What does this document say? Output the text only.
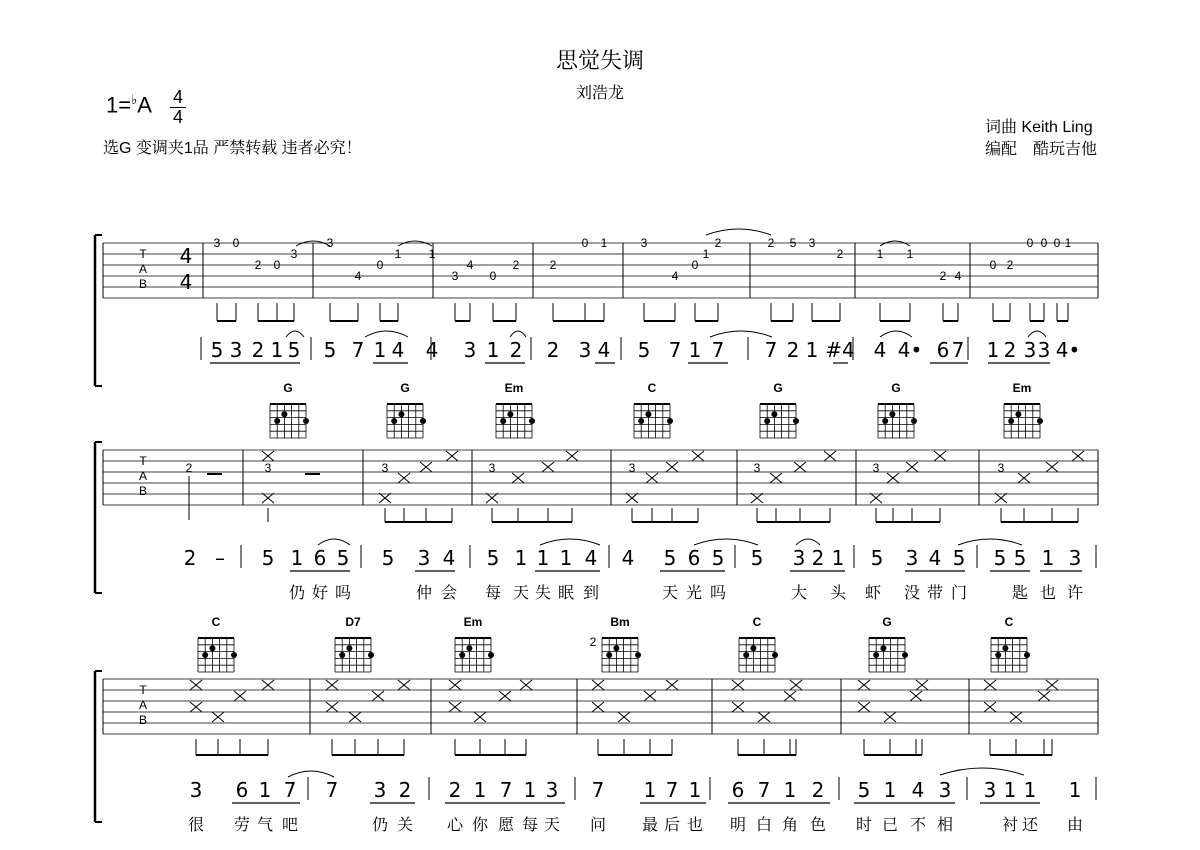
思觉失调
刘浩龙
1=♭A 4
4
选G 变调夹1品 严禁转载 违者必究！
词曲 Keith Ling
编配　酷玩吉他
T
A
B
4
4
3 0
2 0
3
3
4
0
1 1
3
4
0
2	2
0 1	3
4
0
1
2	2 5 3
2	1 1
2 4
0 2
0 0 0 1
5 3 2 1 5 5 7 1 4 4 3 1 2 2 3 4 5 7 1 7 7 2 1 #4 4 4• 6 7 1 2 3 3 4•
G	G	Em	C	G	G	Em
T
A
B
2	3	3	3	3	3	3	3
2 – 5 1 6 5 5 3 4 5 1 1 1 4 4 5 6 5 5 3 2 1 5 3 4 5 5 5 1 3
仍 好 吗	仲 会 每 天 失 眠 到	天 光 吗	大 头 虾 没 带 门	匙 也 许
C	D7	Em	Bm	C	G	C
2
T
A
B
3 6 1 7 7 3 2 2 1 7 1 3 7 1 7 1 6 7 1 2 5 1 4 3 3 1 1 1
很 劳 气 吧	仍 关 心 你 愿 每 天 问 最 后 也 明 白 角 色 时 已 不 相	衬 还 由
